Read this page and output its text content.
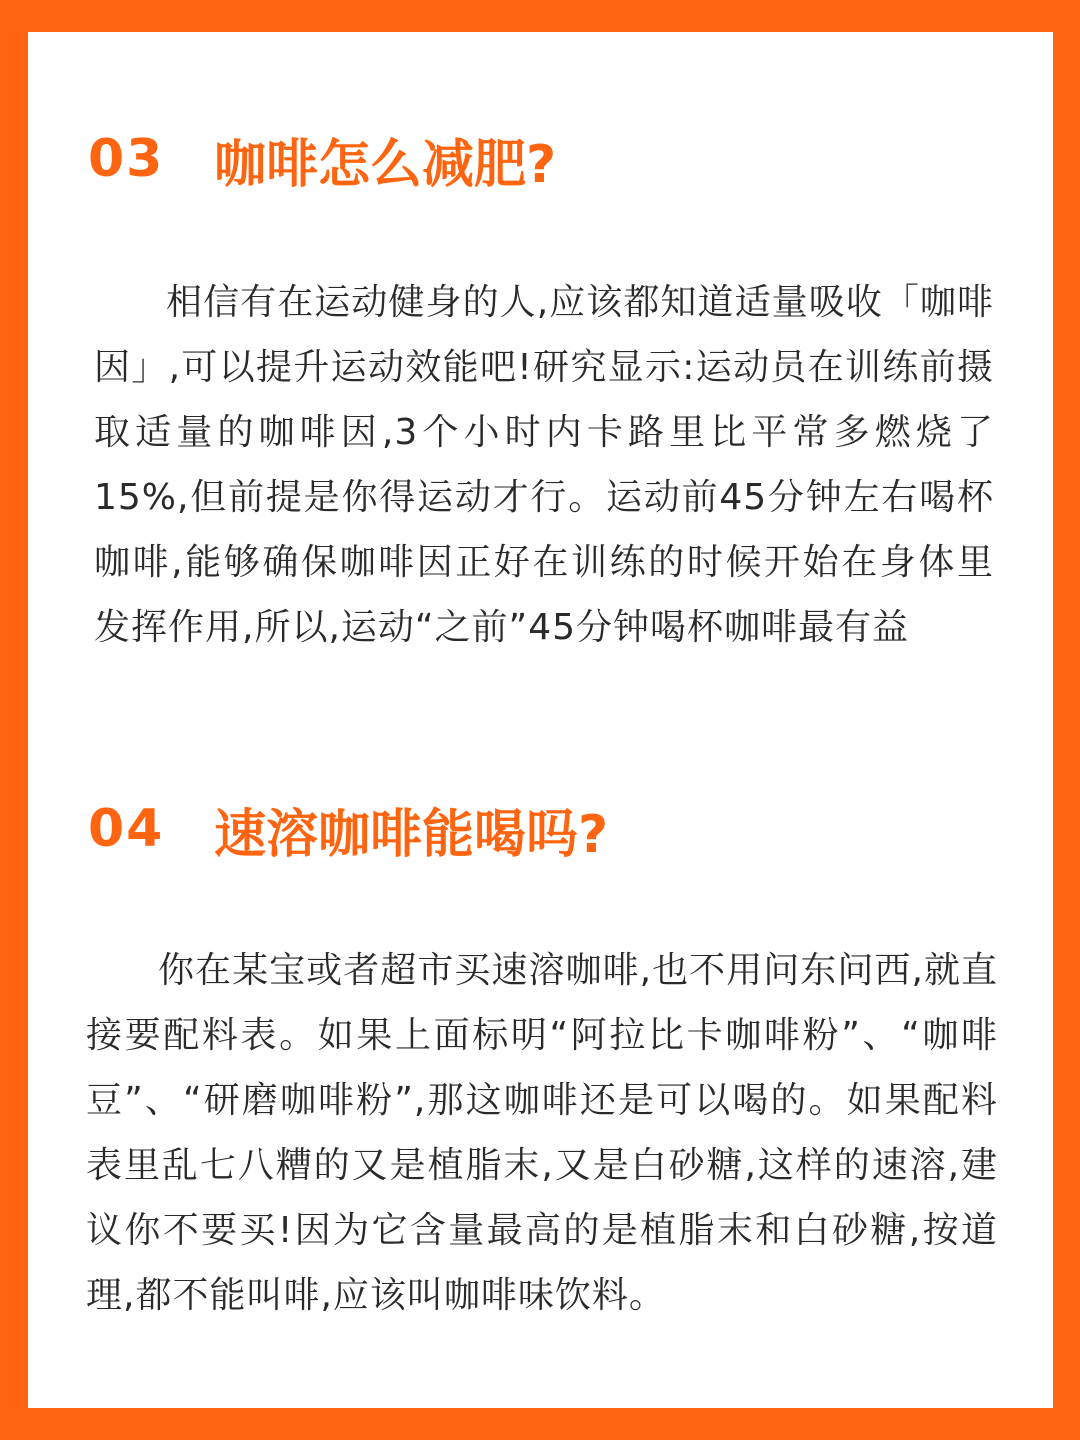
03 咖啡怎么减肥?

相信有在运动健身的人,应该都知道适量吸收「咖啡因」,可以提升运动效能吧!研究显示:运动员在训练前摄取适量的咖啡因,3个小时内卡路里比平常多燃烧了15%,但前提是你得运动才行。运动前45分钟左右喝杯咖啡,能够确保咖啡因正好在训练的时候开始在身体里发挥作用,所以,运动“之前”45分钟喝杯咖啡最有益

04 速溶咖啡能喝吗?

你在某宝或者超市买速溶咖啡,也不用问东问西,就直接要配料表。如果上面标明“阿拉比卡咖啡粉”、“咖啡豆”、“研磨咖啡粉”,那这咖啡还是可以喝的。如果配料表里乱七八糟的又是植脂末,又是白砂糖,这样的速溶,建议你不要买!因为它含量最高的是植脂末和白砂糖,按道理,都不能叫啡,应该叫咖啡味饮料。
